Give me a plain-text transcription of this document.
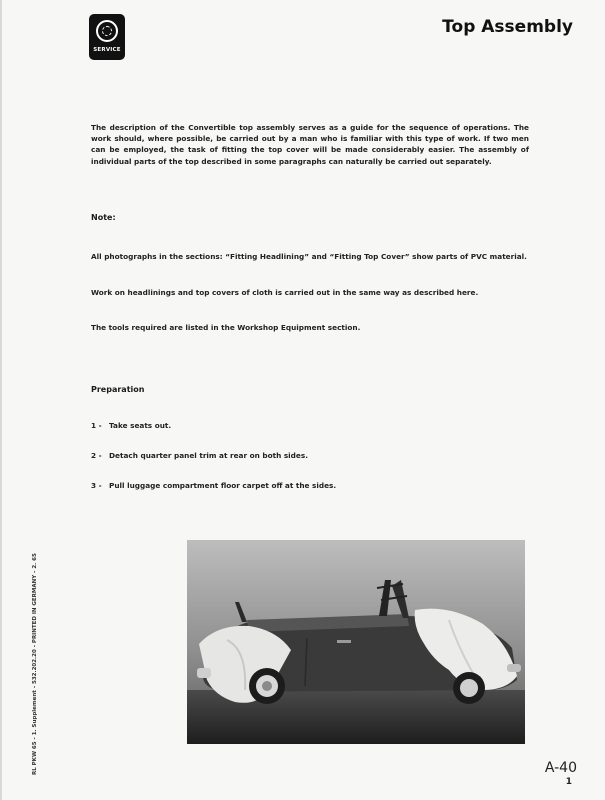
SERVICE
Top Assembly
The description of the Convertible top assembly serves as a guide for the sequence of operations. The work should, where possible, be carried out by a man who is familiar with this type of work. If two men can be employed, the task of fitting the top cover will be made considerably easier. The assembly of individual parts of the top described in some paragraphs can naturally be carried out separately.
Note:
All photographs in the sections: “Fitting Headlining” and “Fitting Top Cover” show parts of PVC material.
Work on headlinings and top covers of cloth is carried out in the same way as described here.
The tools required are listed in the Workshop Equipment section.
Preparation
1 - Take seats out.
2 - Detach quarter panel trim at rear on both sides.
3 - Pull luggage compartment floor carpet off at the sides.
RL PKW 65 - 1. Supplement - 532.202.20 - PRINTED IN GERMANY - 2. 65	A-40
1
